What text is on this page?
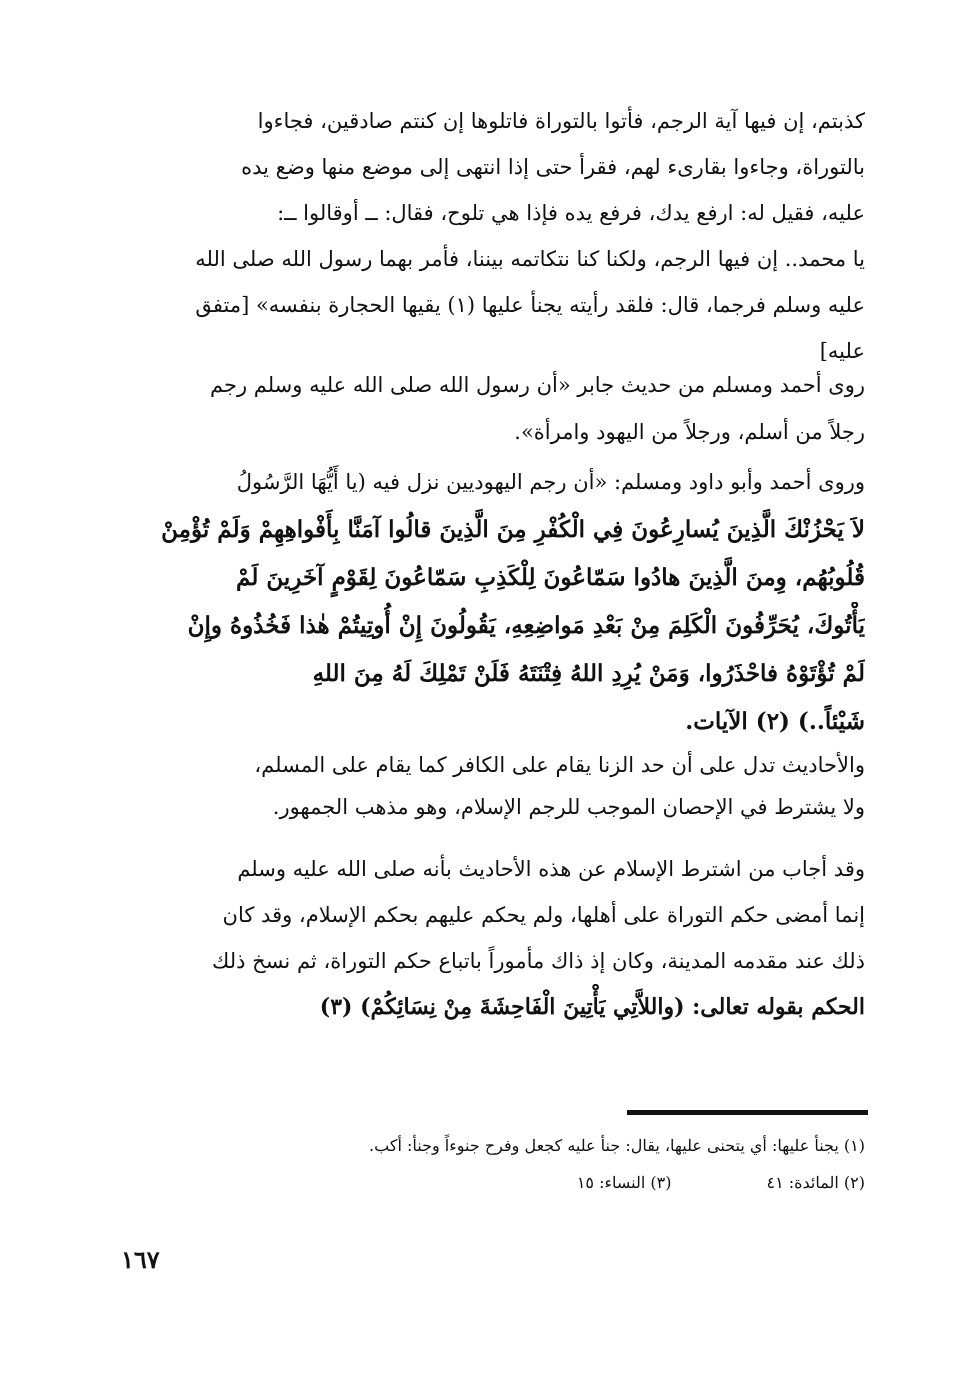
كذبتم، إن فيها آية الرجم، فأتوا بالتوراة فاتلوها إن كنتم صادقين، فجاءوا
بالتوراة، وجاءوا بقارىء لهم، فقرأ حتى إذا انتهى إلى موضع منها وضع يده
عليه، فقيل له: ارفع يدك، فرفع يده فإذا هي تلوح، فقال: ــ أوقالوا ــ:
يا محمد.. إن فيها الرجم، ولكنا كنا نتكاتمه بيننا، فأمر بهما رسول الله صلى الله
عليه وسلم فرجما، قال: فلقد رأيته يجنأ عليها (١) يقيها الحجارة بنفسه» [متفق
عليه]
روى أحمد ومسلم من حديث جابر «أن رسول الله صلى الله عليه وسلم رجم
رجلاً من أسلم، ورجلاً من اليهود وامرأة».
وروى أحمد وأبو داود ومسلم: «أن رجم اليهوديين نزل فيه (يا أَيُّهَا الرَّسُولُ
لاَ يَحْزُنْكَ الَّذِينَ يُسارِعُونَ فِي الْكُفْرِ مِنَ الَّذِينَ قالُوا آمَنَّا بِأَفْواهِهِمْ وَلَمْ تُؤْمِنْ
قُلُوبُهُم، وِمنَ الَّذِينَ هادُوا سَمّاعُونَ لِلْكَذِبِ سَمّاعُونَ لِقَوْمٍ آخَرِينَ لَمْ
يَأْتُوكَ، يُحَرِّفُونَ الْكَلِمَ مِنْ بَعْدِ مَواضِعِهِ، يَقُولُونَ إِنْ أُوتِيتُمْ هٰذا فَخُذُوهُ وإِنْ
لَمْ تُؤْتَوْهُ فاحْذَرُوا، وَمَنْ يُرِدِ اللهُ فِتْنَتَهُ فَلَنْ تَمْلِكَ لَهُ مِنَ اللهِ
شَيْئاً..) (٢) الآيات.
والأحاديث تدل على أن حد الزنا يقام على الكافر كما يقام على المسلم،
ولا يشترط في الإحصان الموجب للرجم الإسلام، وهو مذهب الجمهور.
وقد أجاب من اشترط الإسلام عن هذه الأحاديث بأنه صلى الله عليه وسلم
إنما أمضى حكم التوراة على أهلها، ولم يحكم عليهم بحكم الإسلام، وقد كان
ذلك عند مقدمه المدينة، وكان إذ ذاك مأموراً باتباع حكم التوراة، ثم نسخ ذلك
الحكم بقوله تعالى: (واللاَّتِي يَأْتِينَ الْفَاحِشَةَ مِنْ نِسَائِكُمْ) (٣)
(١) يجنأ عليها: أي يتحنى عليها، يقال: جنأ عليه كجعل وفرح جنوءاً وجنأ: أكب.
(٢) المائدة: ٤١(٣) النساء: ١٥
١٦٧
